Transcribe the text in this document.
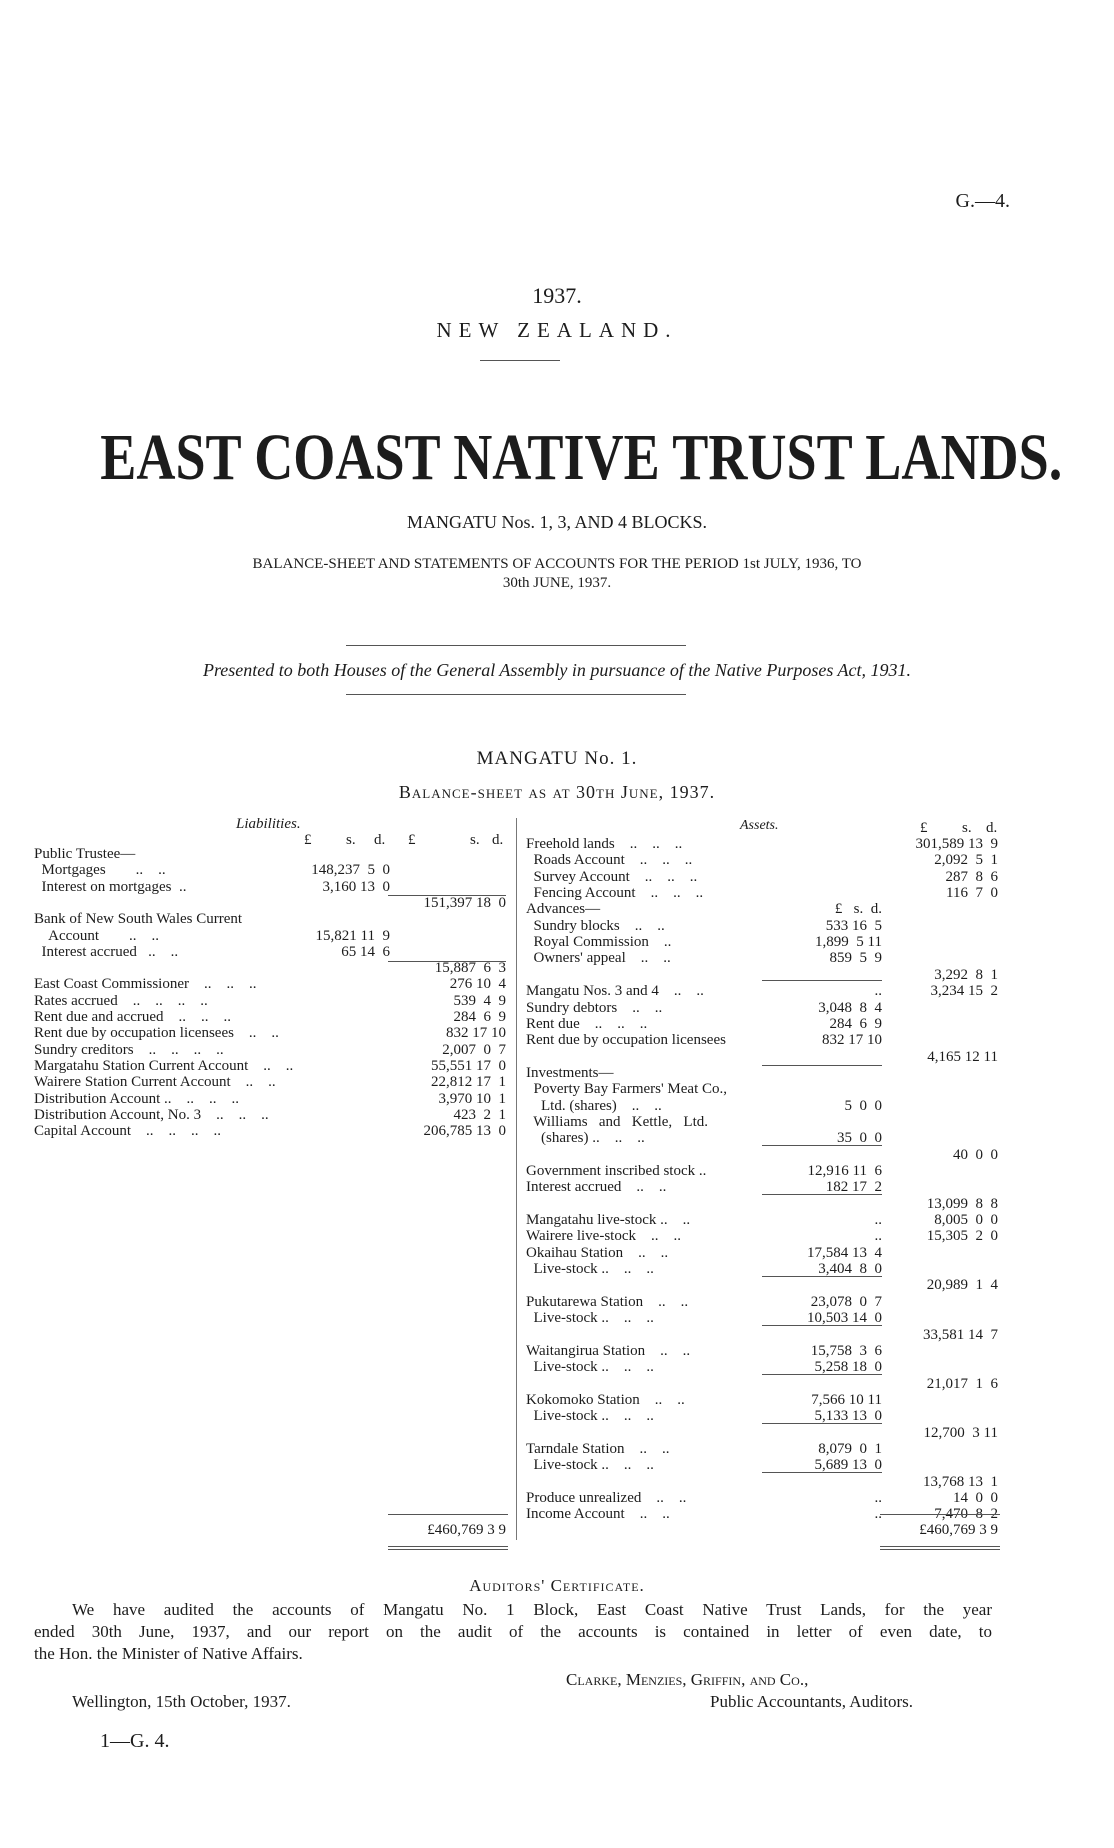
G.—4.
1937.
NEW ZEALAND.
EAST COAST NATIVE TRUST LANDS.
MANGATU Nos. 1, 3, AND 4 BLOCKS.
BALANCE-SHEET AND STATEMENTS OF ACCOUNTS FOR THE PERIOD 1st JULY, 1936, TO
30th JUNE, 1937.
Presented to both Houses of the General Assembly in pursuance of the Native Purposes Act, 1931.
MANGATU No. 1.
Balance-sheet as at 30th June, 1937.
Liabilities.
£ s. d. £	s. d.
Public Trustee—
Mortgages        ..    ..	148,237  5  0
Interest on mortgages  ..	3,160 13  0
151,397 18  0
Bank of New South Wales Current
Account        ..    ..	15,821 11  9
Interest accrued   ..    ..	65 14  6
15,887  6  3
East Coast Commissioner    ..    ..    ..	276 10  4
Rates accrued    ..    ..    ..    ..	539  4  9
Rent due and accrued    ..    ..    ..	284  6  9
Rent due by occupation licensees    ..    ..	832 17 10
Sundry creditors    ..    ..    ..    ..	2,007  0  7
Margatahu Station Current Account    ..    ..	55,551 17  0
Wairere Station Current Account    ..    ..	22,812 17  1
Distribution Account ..    ..    ..    ..	3,970 10  1
Distribution Account, No. 3    ..    ..    ..	423  2  1
Capital Account    ..    ..    ..    ..	206,785 13  0
Assets.	£ s. d.
Freehold lands    ..    ..    ..	301,589 13  9
Roads Account    ..    ..    ..	2,092  5  1
Survey Account    ..    ..    ..	287  8  6
Fencing Account    ..    ..    ..	116  7  0
Advances—	£   s.  d.
Sundry blocks    ..    ..	533 16  5
Royal Commission    ..	1,899  5 11
Owners' appeal    ..    ..	859  5  9
3,292  8  1
Mangatu Nos. 3 and 4    ..    ..	..	3,234 15  2
Sundry debtors    ..    ..	3,048  8  4
Rent due    ..    ..    ..	284  6  9
Rent due by occupation licensees	832 17 10
4,165 12 11
Investments—
Poverty Bay Farmers' Meat Co.,
Ltd. (shares)    ..    ..	5  0  0
Williams   and   Kettle,   Ltd.
(shares) ..    ..    ..	35  0  0
40  0  0
Government inscribed stock ..	12,916 11  6
Interest accrued    ..    ..	182 17  2
13,099  8  8
Mangatahu live-stock ..    ..	..	8,005  0  0
Wairere live-stock    ..    ..	..	15,305  2  0
Okaihau Station    ..    ..	17,584 13  4
Live-stock ..    ..    ..	3,404  8  0
20,989  1  4
Pukutarewa Station    ..    ..	23,078  0  7
Live-stock ..    ..    ..	10,503 14  0
33,581 14  7
Waitangirua Station    ..    ..	15,758  3  6
Live-stock ..    ..    ..	5,258 18  0
21,017  1  6
Kokomoko Station    ..    ..	7,566 10 11
Live-stock ..    ..    ..	5,133 13  0
12,700  3 11
Tarndale Station    ..    ..	8,079  0  1
Live-stock ..    ..    ..	5,689 13  0
13,768 13  1
Produce unrealized    ..    ..	..	14  0  0
Income Account    ..    ..	..	7,470  8  2
£460,769 3 9	£460,769 3 9
Auditors' Certificate.
We have audited the accounts of Mangatu No. 1 Block, East Coast Native Trust Lands, for the year
ended 30th June, 1937, and our report on the audit of the accounts is contained in letter of even date, to
the Hon. the Minister of Native Affairs.
Clarke, Menzies, Griffin, and Co.,
Wellington, 15th October, 1937.	Public Accountants, Auditors.
1—G. 4.
